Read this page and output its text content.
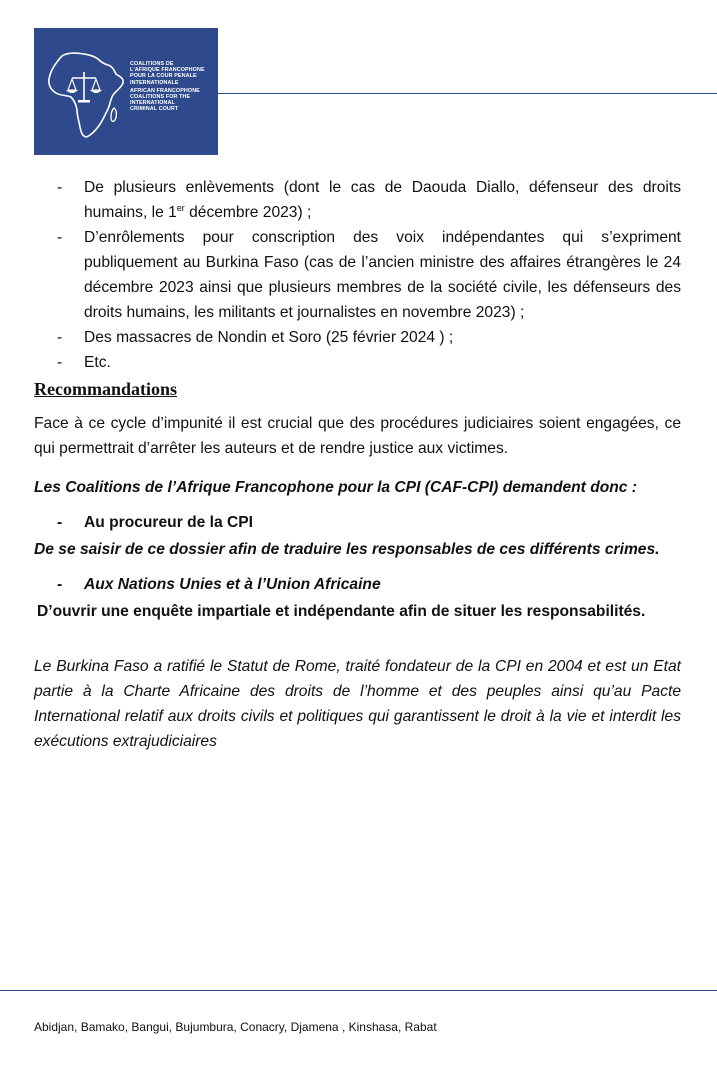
COALITIONS DE
L'AFRIQUE FRANCOPHONE
POUR LA COUR PENALE
INTERNATIONALE
AFRICAN FRANCOPHONE
COALITIONS FOR THE
INTERNATIONAL
CRIMINAL COURT
- De plusieurs enlèvements (dont le cas de Daouda Diallo, défenseur des droits humains, le 1er décembre 2023) ;
- D’enrôlements pour conscription des voix indépendantes qui s’expriment publiquement au Burkina Faso (cas de l’ancien ministre des affaires étrangères le 24 décembre 2023 ainsi que plusieurs membres de la société civile, les défenseurs des droits humains, les militants et journalistes en novembre 2023) ;
- Des massacres de Nondin et Soro (25 février 2024 ) ;
- Etc.
Recommandations
Face à ce cycle d’impunité il est crucial que des procédures judiciaires soient engagées, ce qui permettrait d’arrêter les auteurs et de rendre justice aux victimes.
Les Coalitions de l’Afrique Francophone pour la CPI (CAF-CPI) demandent donc :
- Au procureur de la CPI
De se saisir de ce dossier afin de traduire les responsables de ces différents crimes.
- Aux Nations Unies et à l’Union Africaine
D’ouvrir une enquête impartiale et indépendante afin de situer les responsabilités.
Le Burkina Faso a ratifié le Statut de Rome, traité fondateur de la CPI en 2004 et est un Etat partie à la Charte Africaine des droits de l’homme et des peuples ainsi qu’au Pacte International relatif aux droits civils et politiques qui garantissent le droit à la vie et interdit les exécutions extrajudiciaires
Abidjan, Bamako, Bangui, Bujumbura, Conacry, Djamena , Kinshasa, Rabat
